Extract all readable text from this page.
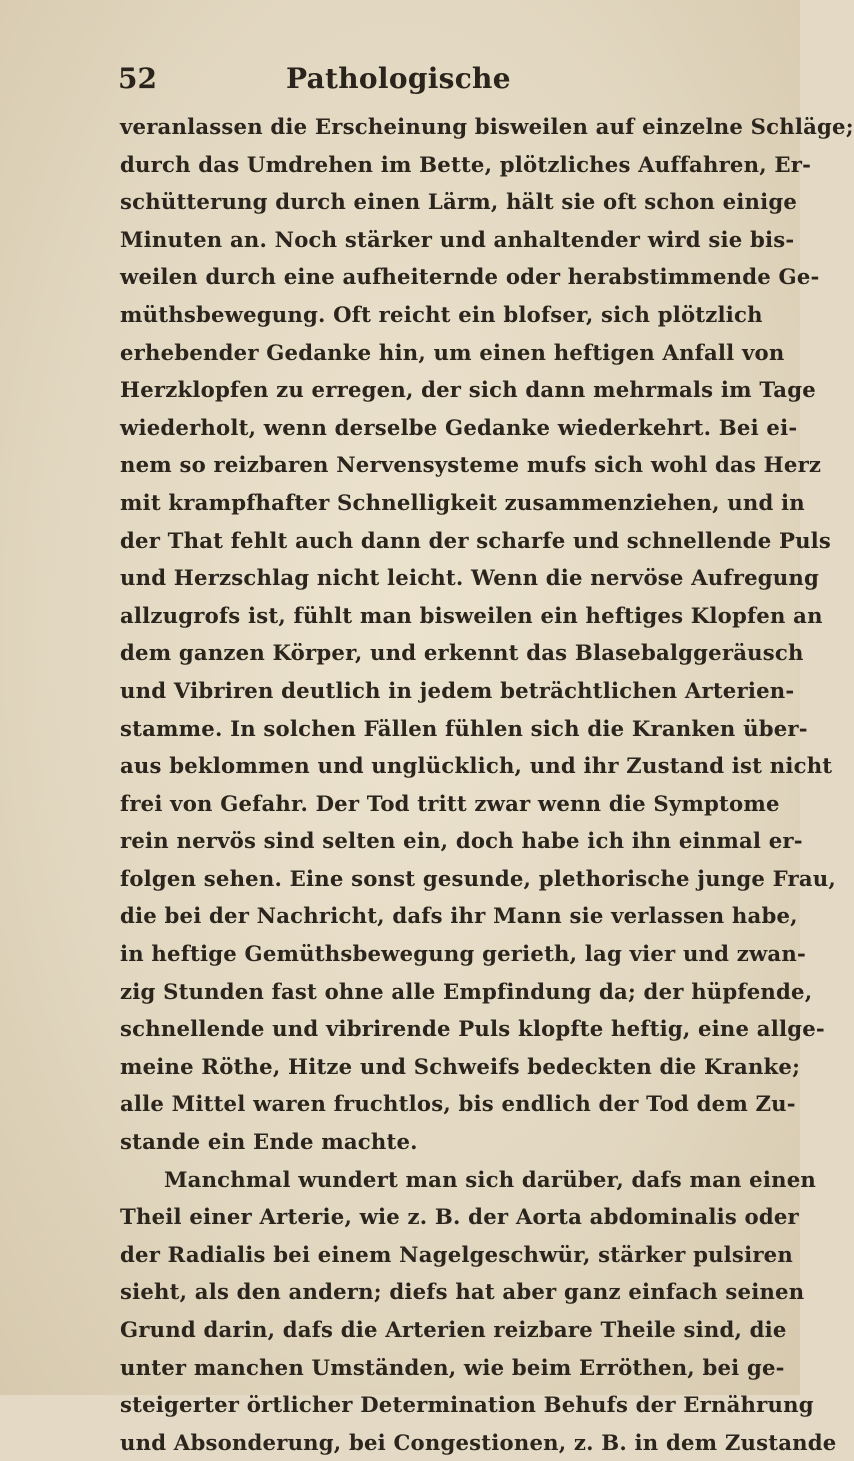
52	Pathologische
veranlassen die Erscheinung bisweilen auf einzelne Schläge;
durch das Umdrehen im Bette, plötzliches Auffahren, Er-
schütterung durch einen Lärm, hält sie oft schon einige
Minuten an. Noch stärker und anhaltender wird sie bis-
weilen durch eine aufheiternde oder herabstimmende Ge-
müthsbewegung. Oft reicht ein blofser, sich plötzlich
erhebender Gedanke hin, um einen heftigen Anfall von
Herzklopfen zu erregen, der sich dann mehrmals im Tage
wiederholt, wenn derselbe Gedanke wiederkehrt. Bei ei-
nem so reizbaren Nervensysteme mufs sich wohl das Herz
mit krampfhafter Schnelligkeit zusammenziehen, und in
der That fehlt auch dann der scharfe und schnellende Puls
und Herzschlag nicht leicht. Wenn die nervöse Aufregung
allzugrofs ist, fühlt man bisweilen ein heftiges Klopfen an
dem ganzen Körper, und erkennt das Blasebalggeräusch
und Vibriren deutlich in jedem beträchtlichen Arterien-
stamme. In solchen Fällen fühlen sich die Kranken über-
aus beklommen und unglücklich, und ihr Zustand ist nicht
frei von Gefahr. Der Tod tritt zwar wenn die Symptome
rein nervös sind selten ein, doch habe ich ihn einmal er-
folgen sehen. Eine sonst gesunde, plethorische junge Frau,
die bei der Nachricht, dafs ihr Mann sie verlassen habe,
in heftige Gemüthsbewegung gerieth, lag vier und zwan-
zig Stunden fast ohne alle Empfindung da; der hüpfende,
schnellende und vibrirende Puls klopfte heftig, eine allge-
meine Röthe, Hitze und Schweifs bedeckten die Kranke;
alle Mittel waren fruchtlos, bis endlich der Tod dem Zu-
stande ein Ende machte.
Manchmal wundert man sich darüber, dafs man einen
Theil einer Arterie, wie z. B. der Aorta abdominalis oder
der Radialis bei einem Nagelgeschwür, stärker pulsiren
sieht, als den andern; diefs hat aber ganz einfach seinen
Grund darin, dafs die Arterien reizbare Theile sind, die
unter manchen Umständen, wie beim Erröthen, bei ge-
steigerter örtlicher Determination Behufs der Ernährung
und Absonderung, bei Congestionen, z. B. in dem Zustande
